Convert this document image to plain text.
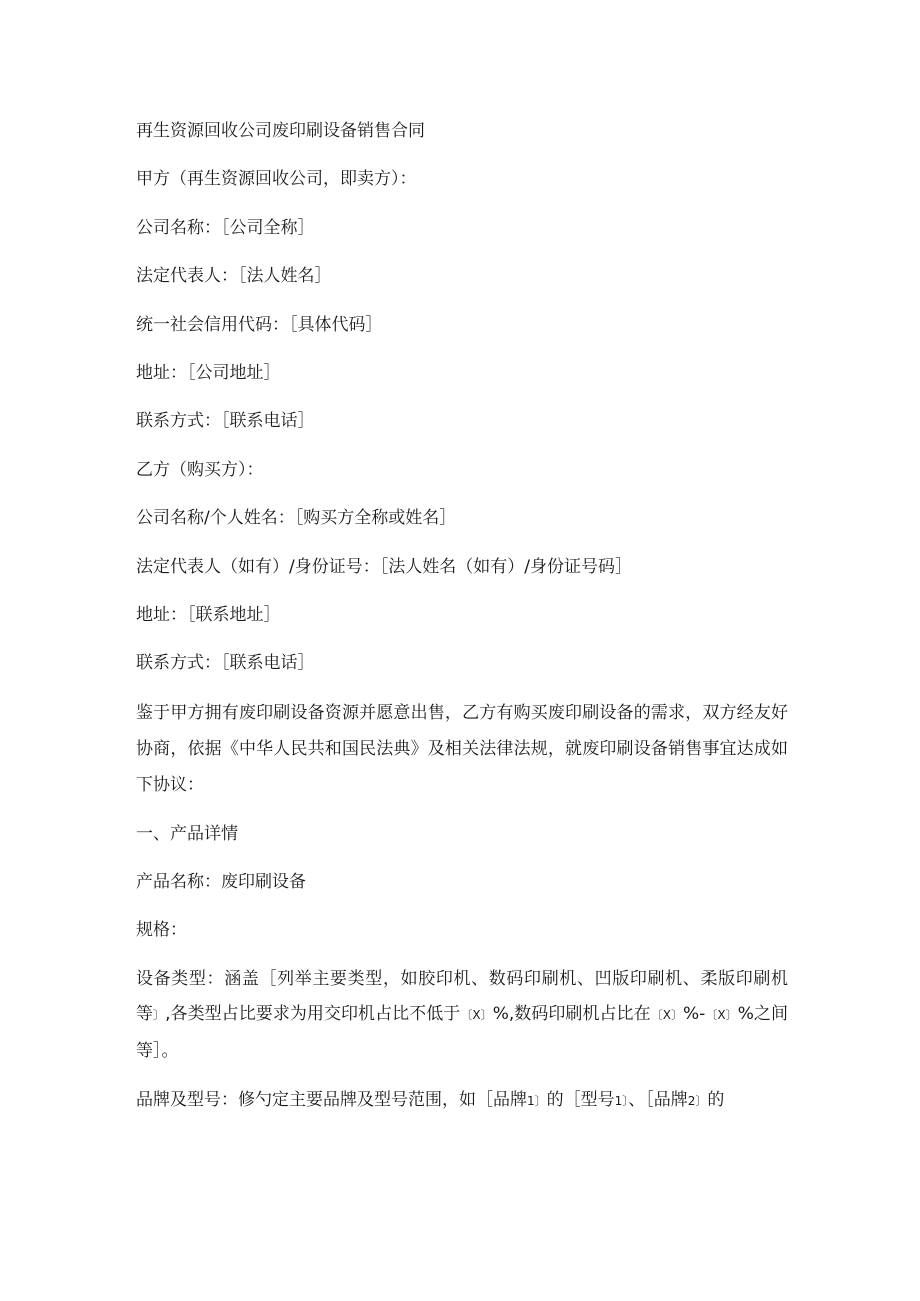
再生资源回收公司废印刷设备销售合同
甲方（再生资源回收公司，即卖方）：
公司名称：［公司全称］
法定代表人：［法人姓名］
统一社会信用代码：［具体代码］
地址：［公司地址］
联系方式：［联系电话］
乙方（购买方）：
公司名称/个人姓名：［购买方全称或姓名］
法定代表人（如有）/身份证号：［法人姓名（如有）/身份证号码］
地址：［联系地址］
联系方式：［联系电话］
鉴于甲方拥有废印刷设备资源并愿意出售，乙方有购买废印刷设备的需求，双方经友好协商，依据《中华人民共和国民法典》及相关法律法规，就废印刷设备销售事宜达成如下协议：
一、产品详情
产品名称：废印刷设备
规格：
设备类型：涵盖［列举主要类型，如胶印机、数码印刷机、凹版印刷机、柔版印刷机等〕,各类型占比要求为用交印机占比不低于〔X〕%,数码印刷机占比在〔X〕%-〔X〕%之间等］。
品牌及型号：修勺定主要品牌及型号范围，如［品牌1〕的［型号1〕、［品牌2〕的
